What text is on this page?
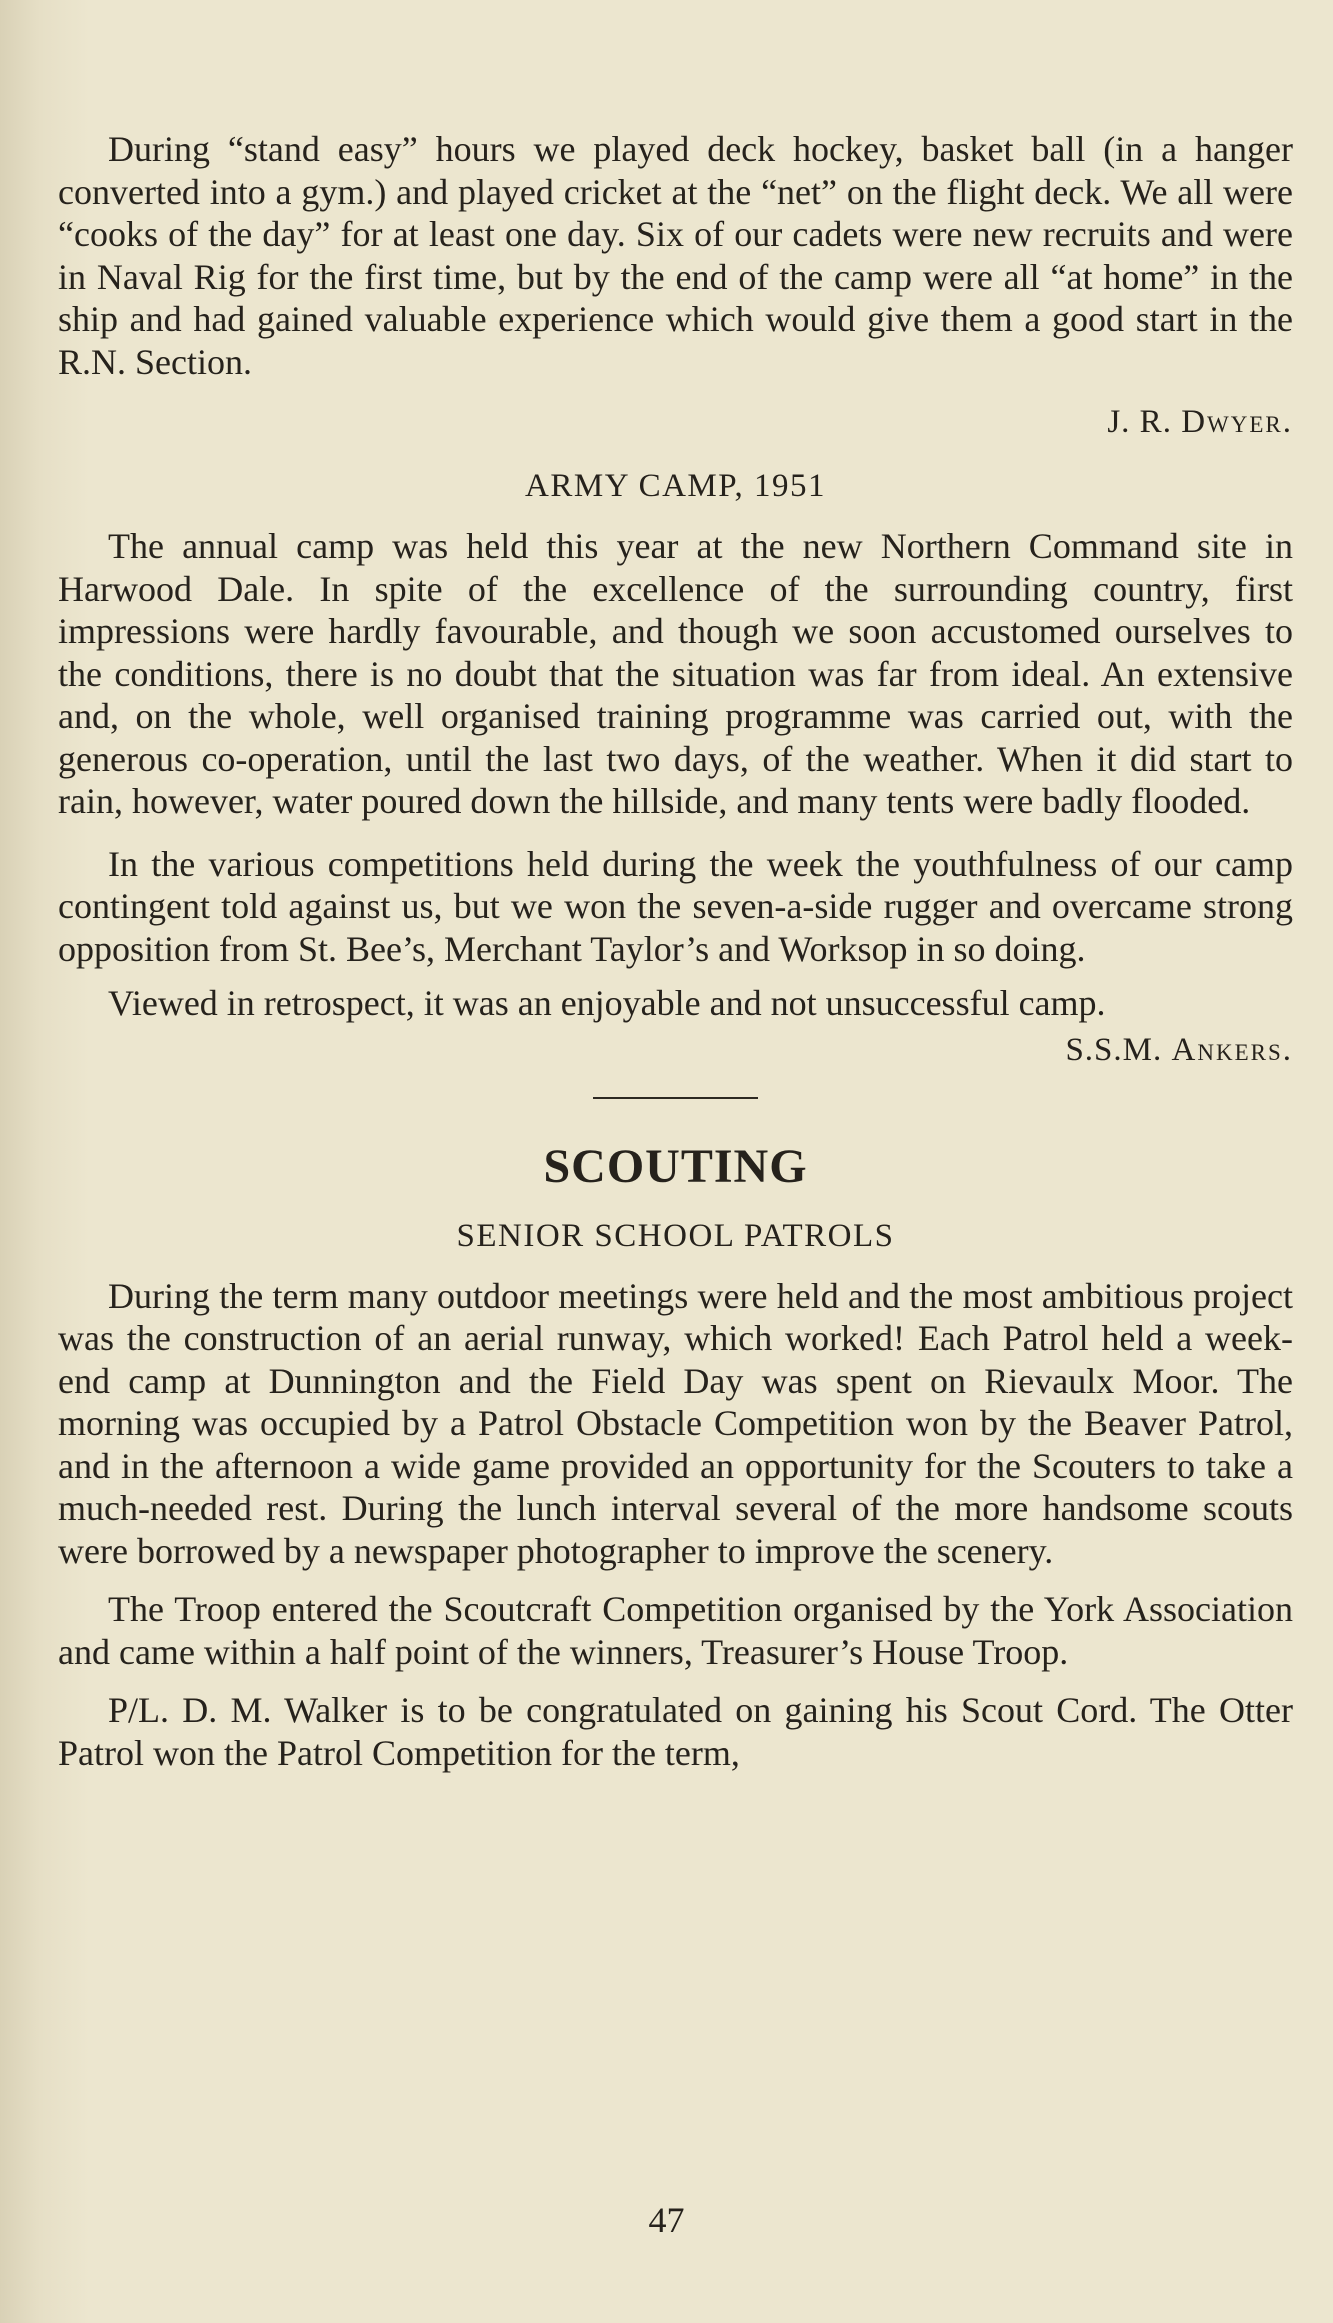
During “stand easy” hours we played deck hockey, basket ball (in a hanger converted into a gym.) and played cricket at the “net” on the flight deck. We all were “cooks of the day” for at least one day. Six of our cadets were new recruits and were in Naval Rig for the first time, but by the end of the camp were all “at home” in the ship and had gained valuable experience which would give them a good start in the R.N. Section.

J. R. Dwyer.
ARMY CAMP, 1951

The annual camp was held this year at the new Northern Command site in Harwood Dale. In spite of the excellence of the surrounding country, first impressions were hardly favourable, and though we soon accustomed ourselves to the conditions, there is no doubt that the situation was far from ideal. An extensive and, on the whole, well organised training programme was carried out, with the generous co-operation, until the last two days, of the weather. When it did start to rain, however, water poured down the hillside, and many tents were badly flooded.

In the various competitions held during the week the youthfulness of our camp contingent told against us, but we won the seven-a-side rugger and overcame strong opposition from St. Bee’s, Merchant Taylor’s and Worksop in so doing.

Viewed in retrospect, it was an enjoyable and not unsuccessful camp.

S.S.M. Ankers.
SCOUTING
SENIOR SCHOOL PATROLS

During the term many outdoor meetings were held and the most ambitious project was the construction of an aerial runway, which worked! Each Patrol held a week-end camp at Dunnington and the Field Day was spent on Rievaulx Moor. The morning was occupied by a Patrol Obstacle Competition won by the Beaver Patrol, and in the afternoon a wide game provided an opportunity for the Scouters to take a much-needed rest. During the lunch interval several of the more handsome scouts were borrowed by a newspaper photographer to improve the scenery.

The Troop entered the Scoutcraft Competition organised by the York Association and came within a half point of the winners, Treasurer’s House Troop.

P/L. D. M. Walker is to be congratulated on gaining his Scout Cord. The Otter Patrol won the Patrol Competition for the term,

47
